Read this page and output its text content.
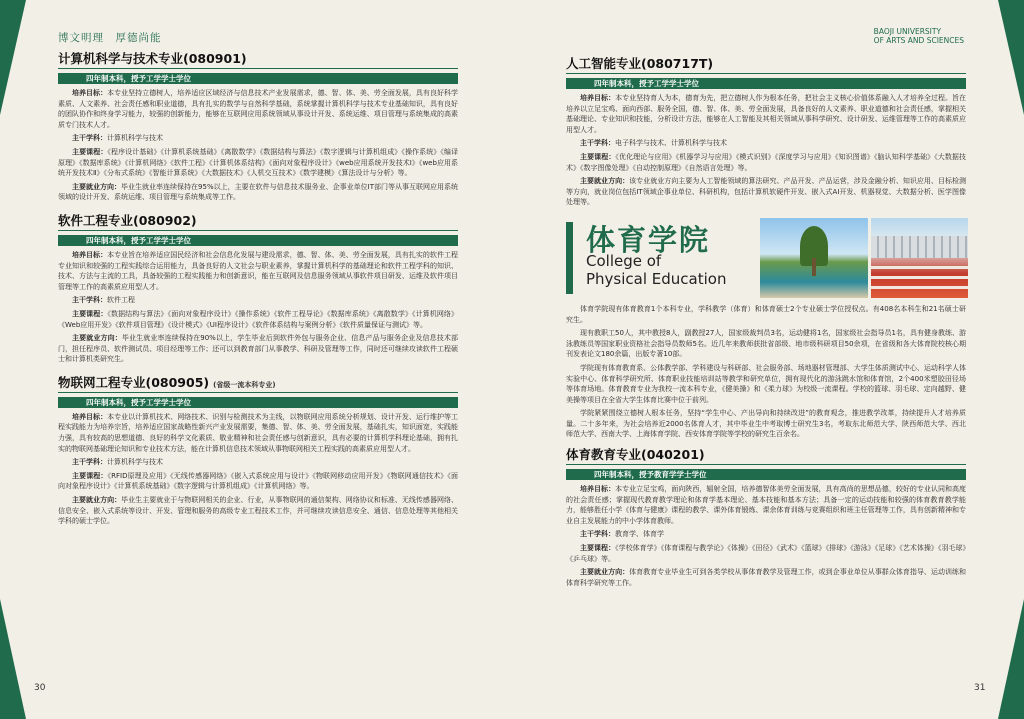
博文明理　厚德尚能
BAOJI UNIVERSITY
OF ARTS AND SCIENCES
计算机科学与技术专业(080901)
四年制本科，授予工学学士学位
培养目标：本专业坚持立德树人，培养适应区域经济与信息技术产业发展需求，德、智、体、美、劳全面发展，具有良好科学素质、人文素养、社会责任感和职业道德，具有扎实的数学与自然科学基础，系统掌握计算机科学与技术专业基础知识，具有良好的团队协作和终身学习能力，较强的创新能力，能够在互联网应用系统领域从事设计开发、系统运维、项目管理与系统集成的高素质专门技术人才。
主干学科：计算机科学与技术
主要课程：《程序设计基础》《计算机系统基础》《离散数学》《数据结构与算法》《数字逻辑与计算机组成》《操作系统》《编译原理》《数据库系统》《计算机网络》《软件工程》《计算机体系结构》《面向对象程序设计》《web应用系统开发技术Ⅰ》《web应用系统开发技术Ⅱ》《分布式系统》《智能计算系统》《大数据技术》《人机交互技术》《数学建模》《算法设计与分析》等。
主要就业方向：毕业生就业率连续保持在95%以上，主要在软件与信息技术服务业、企事业单位IT部门等从事互联网应用系统领域的设计开发、系统运维、项目管理与系统集成等工作。
软件工程专业(080902)
四年制本科，授予工学学士学位
培养目标：本专业旨在培养适应国民经济和社会信息化发展与建设需求，德、智、体、美、劳全面发展，具有扎实的软件工程专业知识和较强的工程实践综合运用能力，具备良好的人文社会与职业素养，掌握计算机科学的基础理论和软件工程学科的知识、技术、方法与主流的工具，具备较强的工程实践能力和创新意识，能在互联网及信息服务领域从事软件项目研发、运维及软件项目管理等工作的高素质应用型人才。
主干学科：软件工程
主要课程：《数据结构与算法》《面向对象程序设计》《操作系统》《软件工程导论》《数据库系统》《离散数学》《计算机网络》《Web应用开发》《软件项目管理》《设计模式》《UI程序设计》《软件体系结构与案例分析》《软件质量保证与测试》等。
主要就业方向：毕业生就业率连续保持在90%以上，学生毕业后到软件外包与服务企业、信息产品与服务企业及信息技术部门，担任程序员、软件测试员、项目经理等工作；还可以到教育部门从事教学、科研及管理等工作，同时还可继续攻读软件工程硕士和计算机类研究生。
物联网工程专业(080905) (省级一流本科专业)
四年制本科，授予工学学士学位
培养目标：本专业以计算机技术、网络技术、识别与检测技术为主线，以物联网应用系统分析规划、设计开发、运行维护等工程实践能力为培养宗旨，培养适应国家战略性新兴产业发展需要，集德、智、体、美、劳全面发展，基础扎实，知识面宽，实践能力强，具有较高的思想道德、良好的科学文化素质、敬业精神和社会责任感与创新意识，具有必要的计算机学科理论基础，拥有扎实的物联网基础理论知识和专业技术方法，能在计算机信息技术领域从事物联网相关工程实践的高素质应用型人才。
主干学科：计算机科学与技术
主要课程：《RFID原理及应用》《无线传感器网络》《嵌入式系统应用与设计》《物联网移动应用开发》《物联网通信技术》《面向对象程序设计》《计算机系统基础》《数字逻辑与计算机组成》《计算机网络》等。
主要就业方向：毕业生主要就业于与物联网相关的企业、行业，从事物联网的通信架构、网络协议和标准、无线传感器网络、信息安全、嵌入式系统等设计、开发、管理和服务的高级专业工程技术工作，并可继续攻读信息安全、通信、信息处理等其他相关学科的硕士学位。
人工智能专业(080717T)
四年制本科，授予工学学士学位
培养目标：本专业坚持育人为本，德育为先，把立德树人作为根本任务，把社会主义核心价值体系融入人才培养全过程。旨在培养以立足宝鸡、面向西部、服务全国，德、智、体、美、劳全面发展，具备良好的人文素养、职业道德和社会责任感，掌握相关基础理论、专业知识和技能，分析设计方法，能够在人工智能及其相关领域从事科学研究、设计研发、运维管理等工作的高素质应用型人才。
主干学科：电子科学与技术、计算机科学与技术
主要课程：《优化理论与应用》《机器学习与应用》《模式识别》《深度学习与应用》《知识图谱》《脑认知科学基础》《大数据技术》《数字图像处理》《自动控制原理》《自然语言处理》等。
主要就业方向：该专业就业方向主要为人工智能领域的算法研究、产品开发、产品运营，涉及金融分析、知识应用、目标检测等方向，就业岗位包括IT领域企事业单位、科研机构，包括计算机软硬件开发、嵌入式AI开发、机器视觉、大数据分析、医学图像处理等。
体育学院
College of
Physical Education
体育学院现有体育教育1个本科专业，学科教学（体育）和体育硕士2个专业硕士学位授权点。有408名本科生和21名硕士研究生。
现有教职工50人，其中教授8人，副教授27人，国家级裁判员3名，运动健将1名，国家级社会指导员1名，具有健身教练、游泳教练员等国家职业资格社会指导员数师5名。近几年来教师获批省部级、地市级科研项目50余项，在省级和各大体育院校核心期刊发表论文180余篇，出版专著10部。
学院现有体育教育系、公体教学部、学科建设与科研部、社会服务部、场地器材管理部、大学生体质测试中心、运动科学人体实验中心、体育科学研究所、体育职业技能培训站等教学和研究单位，拥有现代化的游泳跳水馆和体育馆，2个400米塑胶田径场等体育场地。体育教育专业为我校一流本科专业，《健美操》和《柔力球》为校级一流课程。学校的篮球、羽毛球、定向越野、健美操等项目在全省大学生体育比赛中位于前列。
学院紧紧围绕立德树人根本任务，坚持“学生中心、产出导向和持续改进”的教育观念，推进教学改革，持续提升人才培养质量。二十多年来，为社会培养近2000名体育人才，其中毕业生中考取博士研究生3名，考取东北师范大学、陕西师范大学、西北师范大学、西南大学、上海体育学院、西安体育学院等学校的研究生百余名。
体育教育专业(040201)
四年制本科，授予教育学学士学位
培养目标：本专业立足宝鸡，面向陕西，辐射全国，培养德智体美劳全面发展，具有高尚的思想品德，较好的专业认同和高度的社会责任感；掌握现代教育教学理论和体育学基本理论、基本技能和基本方法；具备一定的运动技能和较强的体育教育教学能力，能够胜任小学《体育与健康》课程的教学、课外体育锻炼、课余体育训练与竞赛组织和班主任管理等工作，具有创新精神和专业自主发展能力的中小学体育教师。
主干学科：教育学、体育学
主要课程：《学校体育学》《体育课程与教学论》《体操》《田径》《武术》《篮球》《排球》《游泳》《足球》《艺术体操》《羽毛球》《乒乓球》等。
主要就业方向：体育教育专业毕业生可到各类学校从事体育教学及管理工作，或到企事业单位从事群众体育指导、运动训练和体育科学研究等工作。
30	31
